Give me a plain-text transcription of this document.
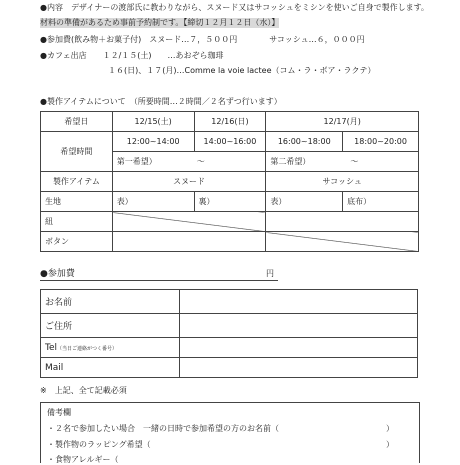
●内容　デザイナーの渡部氏に教わりながら、スヌード又はサコッシュをミシンを使いご自身で製作します。
材料の準備があるため事前予約制です。【締切１２月１２日（水）】
●参加費(飲み物＋お菓子付)　スヌード…７，５００円　　　　サコッシュ…６，０００円
●カフェ出店　　１２/１５(土)　　…あおぞら珈琲
１６(日)、１７(月)…Comme la voie lactee（コム・ラ・ボア・ラクテ）
●製作アイテムについて　（所要時間…２時間／２名ずつ行います）
希望日	12/15(土)	12/16(日)	12/17(月)	
希望時間	12:00~14:00	14:00~16:00	16:00~18:00	18:00~20:00
	第一希望） 〜		第二希望） 〜	
製作アイテム	スヌード		サコッシュ	
生地	表）	裏）	表）	底布）
紐				
ボタン				
●参加費	円
お名前	
ご住所	
Tel（当日ご連絡がつく番号）	
Mail	
※　上記、全て記載必須
備考欄
・２名で参加したい場合　一緒の日時で参加希望の方のお名前（	）
・製作物のラッピング希望（	）
・食物アレルギー（
